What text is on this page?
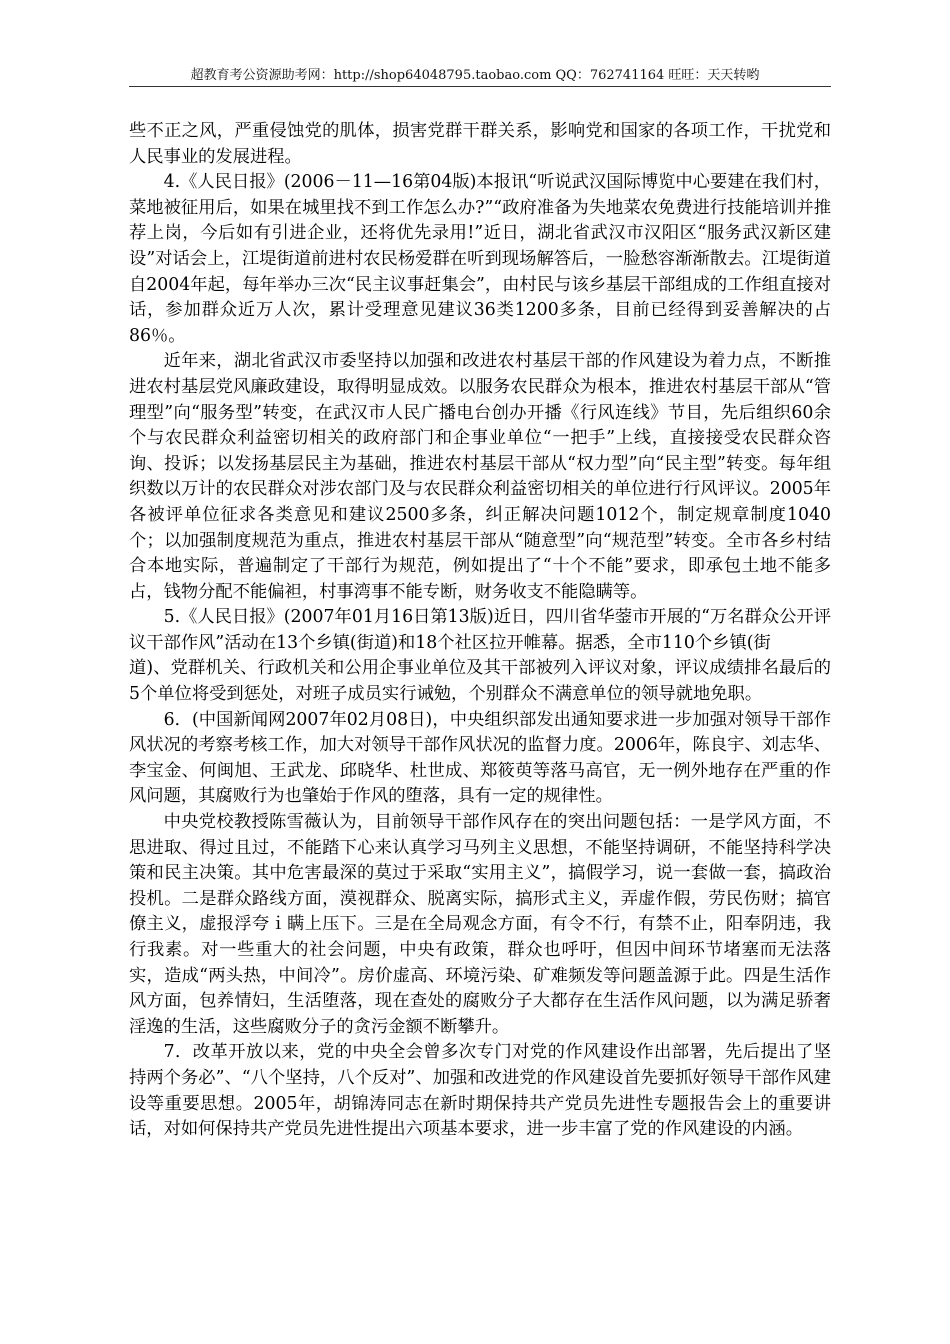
超教育考公资源助考网：http://shop64048795.taobao.com QQ：762741164 旺旺：天天转哟

些不正之风，严重侵蚀党的肌体，损害党群干群关系，影响党和国家的各项工作，干扰党和人民事业的发展进程。

4.《人民日报》(2006－11—16第04版)本报讯“听说武汉国际博览中心要建在我们村，菜地被征用后，如果在城里找不到工作怎么办?”“政府准备为失地菜农免费进行技能培训并推荐上岗，今后如有引进企业，还将优先录用!”近日，湖北省武汉市汉阳区“服务武汉新区建设”对话会上，江堤街道前进村农民杨爱群在听到现场解答后，一脸愁容渐渐散去。江堤街道自2004年起，每年举办三次“民主议事赶集会”，由村民与该乡基层干部组成的工作组直接对话，参加群众近万人次，累计受理意见建议36类1200多条，目前已经得到妥善解决的占86％。

近年来，湖北省武汉市委坚持以加强和改进农村基层干部的作风建设为着力点，不断推进农村基层党风廉政建设，取得明显成效。以服务农民群众为根本，推进农村基层干部从“管理型”向“服务型”转变，在武汉市人民广播电台创办开播《行风连线》节目，先后组织60余个与农民群众利益密切相关的政府部门和企事业单位“一把手”上线，直接接受农民群众咨询、投诉；以发扬基层民主为基础，推进农村基层干部从“权力型”向“民主型”转变。每年组织数以万计的农民群众对涉农部门及与农民群众利益密切相关的单位进行行风评议。2005年各被评单位征求各类意见和建议2500多条，纠正解决问题1012个，制定规章制度1040个；以加强制度规范为重点，推进农村基层干部从“随意型”向“规范型”转变。全市各乡村结合本地实际，普遍制定了干部行为规范，例如提出了“十个不能”要求，即承包土地不能多占，钱物分配不能偏袒，村事湾事不能专断，财务收支不能隐瞒等。

5.《人民日报》(2007年01月16日第13版)近日，四川省华蓥市开展的“万名群众公开评议干部作风”活动在13个乡镇(街道)和18个社区拉开帷幕。据悉，全市110个乡镇(街

道)、党群机关、行政机关和公用企事业单位及其干部被列入评议对象，评议成绩排名最后的5个单位将受到惩处，对班子成员实行诫勉，个别群众不满意单位的领导就地免职。

6．(中国新闻网2007年02月08日)，中央组织部发出通知要求进一步加强对领导干部作风状况的考察考核工作，加大对领导干部作风状况的监督力度。2006年，陈良宇、刘志华、李宝金、何闽旭、王武龙、邱晓华、杜世成、郑筱萸等落马高官，无一例外地存在严重的作风问题，其腐败行为也肇始于作风的堕落，具有一定的规律性。

中央党校教授陈雪薇认为，目前领导干部作风存在的突出问题包括：一是学风方面，不思进取、得过且过，不能踏下心来认真学习马列主义思想，不能坚持调研，不能坚持科学决策和民主决策。其中危害最深的莫过于采取“实用主义”，搞假学习，说一套做一套，搞政治投机。二是群众路线方面，漠视群众、脱离实际，搞形式主义，弄虚作假，劳民伤财；搞官僚主义，虚报浮夸ｉ瞒上压下。三是在全局观念方面，有令不行，有禁不止，阳奉阴违，我行我素。对一些重大的社会问题，中央有政策，群众也呼吁，但因中间环节堵塞而无法落实，造成“两头热，中间冷”。房价虚高、环境污染、矿难频发等问题盖源于此。四是生活作风方面，包养情妇，生活堕落，现在查处的腐败分子大都存在生活作风问题，以为满足骄奢淫逸的生活，这些腐败分子的贪污金额不断攀升。

7．改革开放以来，党的中央全会曾多次专门对党的作风建设作出部署，先后提出了坚持两个务必”、“八个坚持，八个反对”、加强和改进党的作风建设首先要抓好领导干部作风建设等重要思想。2005年，胡锦涛同志在新时期保持共产党员先进性专题报告会上的重要讲话，对如何保持共产党员先进性提出六项基本要求，进一步丰富了党的作风建设的内涵。
